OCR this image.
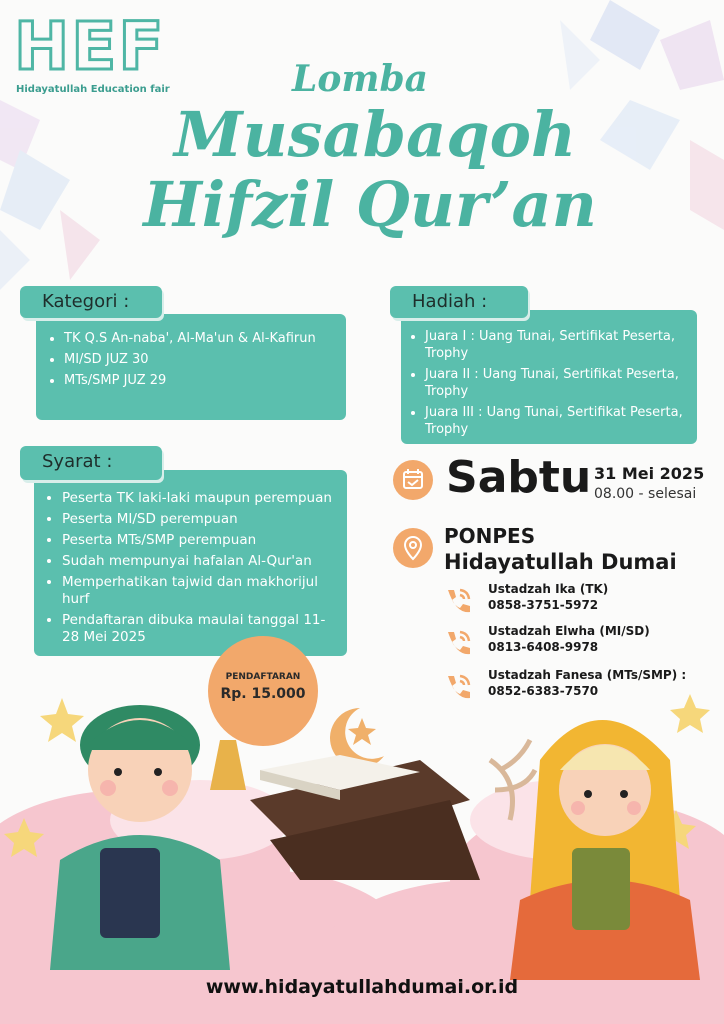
HEF
Hidayatullah Education fair	Lomba
Musabaqoh
Hifzil Qur’an
• TK Q.S An-naba', Al-Ma'un & Al-Kafirun
• MI/SD JUZ 30
• MTs/SMP JUZ 29
Kategori :
• Juara I : Uang Tunai, Sertifikat Peserta, Trophy
• Juara II : Uang Tunai, Sertifikat Peserta, Trophy
• Juara III : Uang Tunai, Sertifikat Peserta, Trophy
Hadiah :
• Peserta TK laki-laki maupun perempuan
• Peserta MI/SD perempuan
• Peserta MTs/SMP perempuan
• Sudah mempunyai hafalan Al-Qur'an
• Memperhatikan tajwid dan makhorijul hurf
• Pendaftaran dibuka maulai tanggal 11-28 Mei 2025
Syarat :	Sabtu 31 Mei 2025
08.00 - selesai
PONPES
Hidayatullah Dumai
Ustadzah Ika (TK)
0858-3751-5972
Ustadzah Elwha (MI/SD)
0813-6408-9978
Ustadzah Fanesa (MTs/SMP) :
0852-6383-7570
PENDAFTARAN
Rp. 15.000
www.hidayatullahdumai.or.id
